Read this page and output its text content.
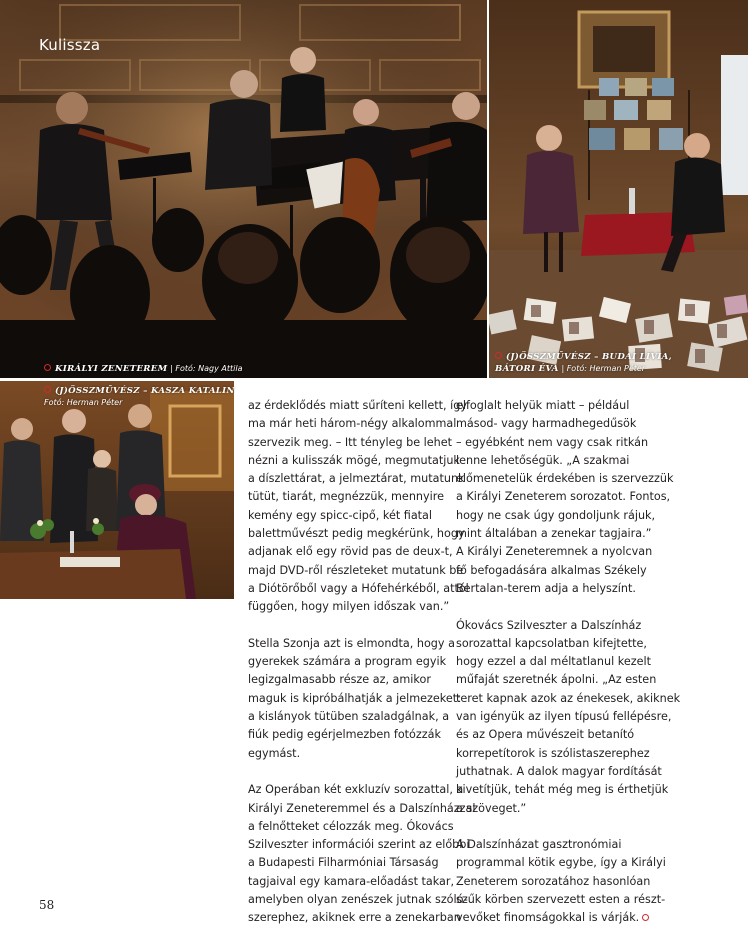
Kulissza
KIRÁLYI ZENETEREM | Fotó: Nagy Attila
(J)ÖSSZMŰVÉSZ – BUDAI LÍVIA,
BÁTORI ÉVA | Fotó: Herman Péter
(J)ÖSSZMŰVÉSZ – KASZA KATALIN
Fotó: Herman Péter	az érdeklődés miatt sűríteni kellett, így

ma már heti három-négy alkalommal

szervezik meg. – Itt tényleg be lehet

nézni a kulisszák mögé, megmutatjuk

a díszlettárat, a jelmeztárat, mutatunk

tütüt, tiarát, megnézzük, mennyire

kemény egy spicc-cipő, két fiatal

balettművészt pedig megkérünk, hogy

adjanak elő egy rövid pas de deux-t,

majd DVD-ről részleteket mutatunk be

a Diótörőből vagy a Hófehérkéből, attól

függően, hogy milyen időszak van.”

Stella Szonja azt is elmondta, hogy a

gyerekek számára a program egyik

legizgalmasabb része az, amikor

maguk is kipróbálhatják a jelmezeket:

a kislányok tütüben szaladgálnak, a

fiúk pedig egérjelmezben fotózzák

egymást.

Az Operában két exkluzív sorozattal, a

Királyi Zeneteremmel és a Dalszínházzal

a felnőtteket célozzák meg. Ókovács

Szilveszter információi szerint az előbbi

a Budapesti Filharmóniai Társaság

tagjaival egy kamara-előadást takar,

amelyben olyan zenészek jutnak szóló-

szerephez, akiknek erre a zenekarban

elfoglalt helyük miatt – például

másod- vagy harmadhegedűsök

– egyébként nem vagy csak ritkán

lenne lehetőségük. „A szakmai

előmenetelük érdekében is szervezzük

a Királyi Zeneterem sorozatot. Fontos,

hogy ne csak úgy gondoljunk rájuk,

mint általában a zenekar tagjaira.”

A Királyi Zeneteremnek a nyolcvan

fő befogadására alkalmas Székely

Bertalan-terem adja a helyszínt.

Ókovács Szilveszter a Dalszínház

sorozattal kapcsolatban kifejtette,

hogy ezzel a dal méltatlanul kezelt

műfaját szeretnék ápolni. „Az esten

teret kapnak azok az énekesek, akiknek

van igényük az ilyen típusú fellépésre,

és az Opera művészeit betanító

korrepetítorok is szólistaszerephez

juthatnak. A dalok magyar fordítását

kivetítjük, tehát még meg is érthetjük

a szöveget.”

A Dalszínházat gasztronómiai

programmal kötik egybe, így a Királyi

Zeneterem sorozatához hasonlóan

szűk körben szervezett esten a részt-

vevőket finomságokkal is várják.

58
